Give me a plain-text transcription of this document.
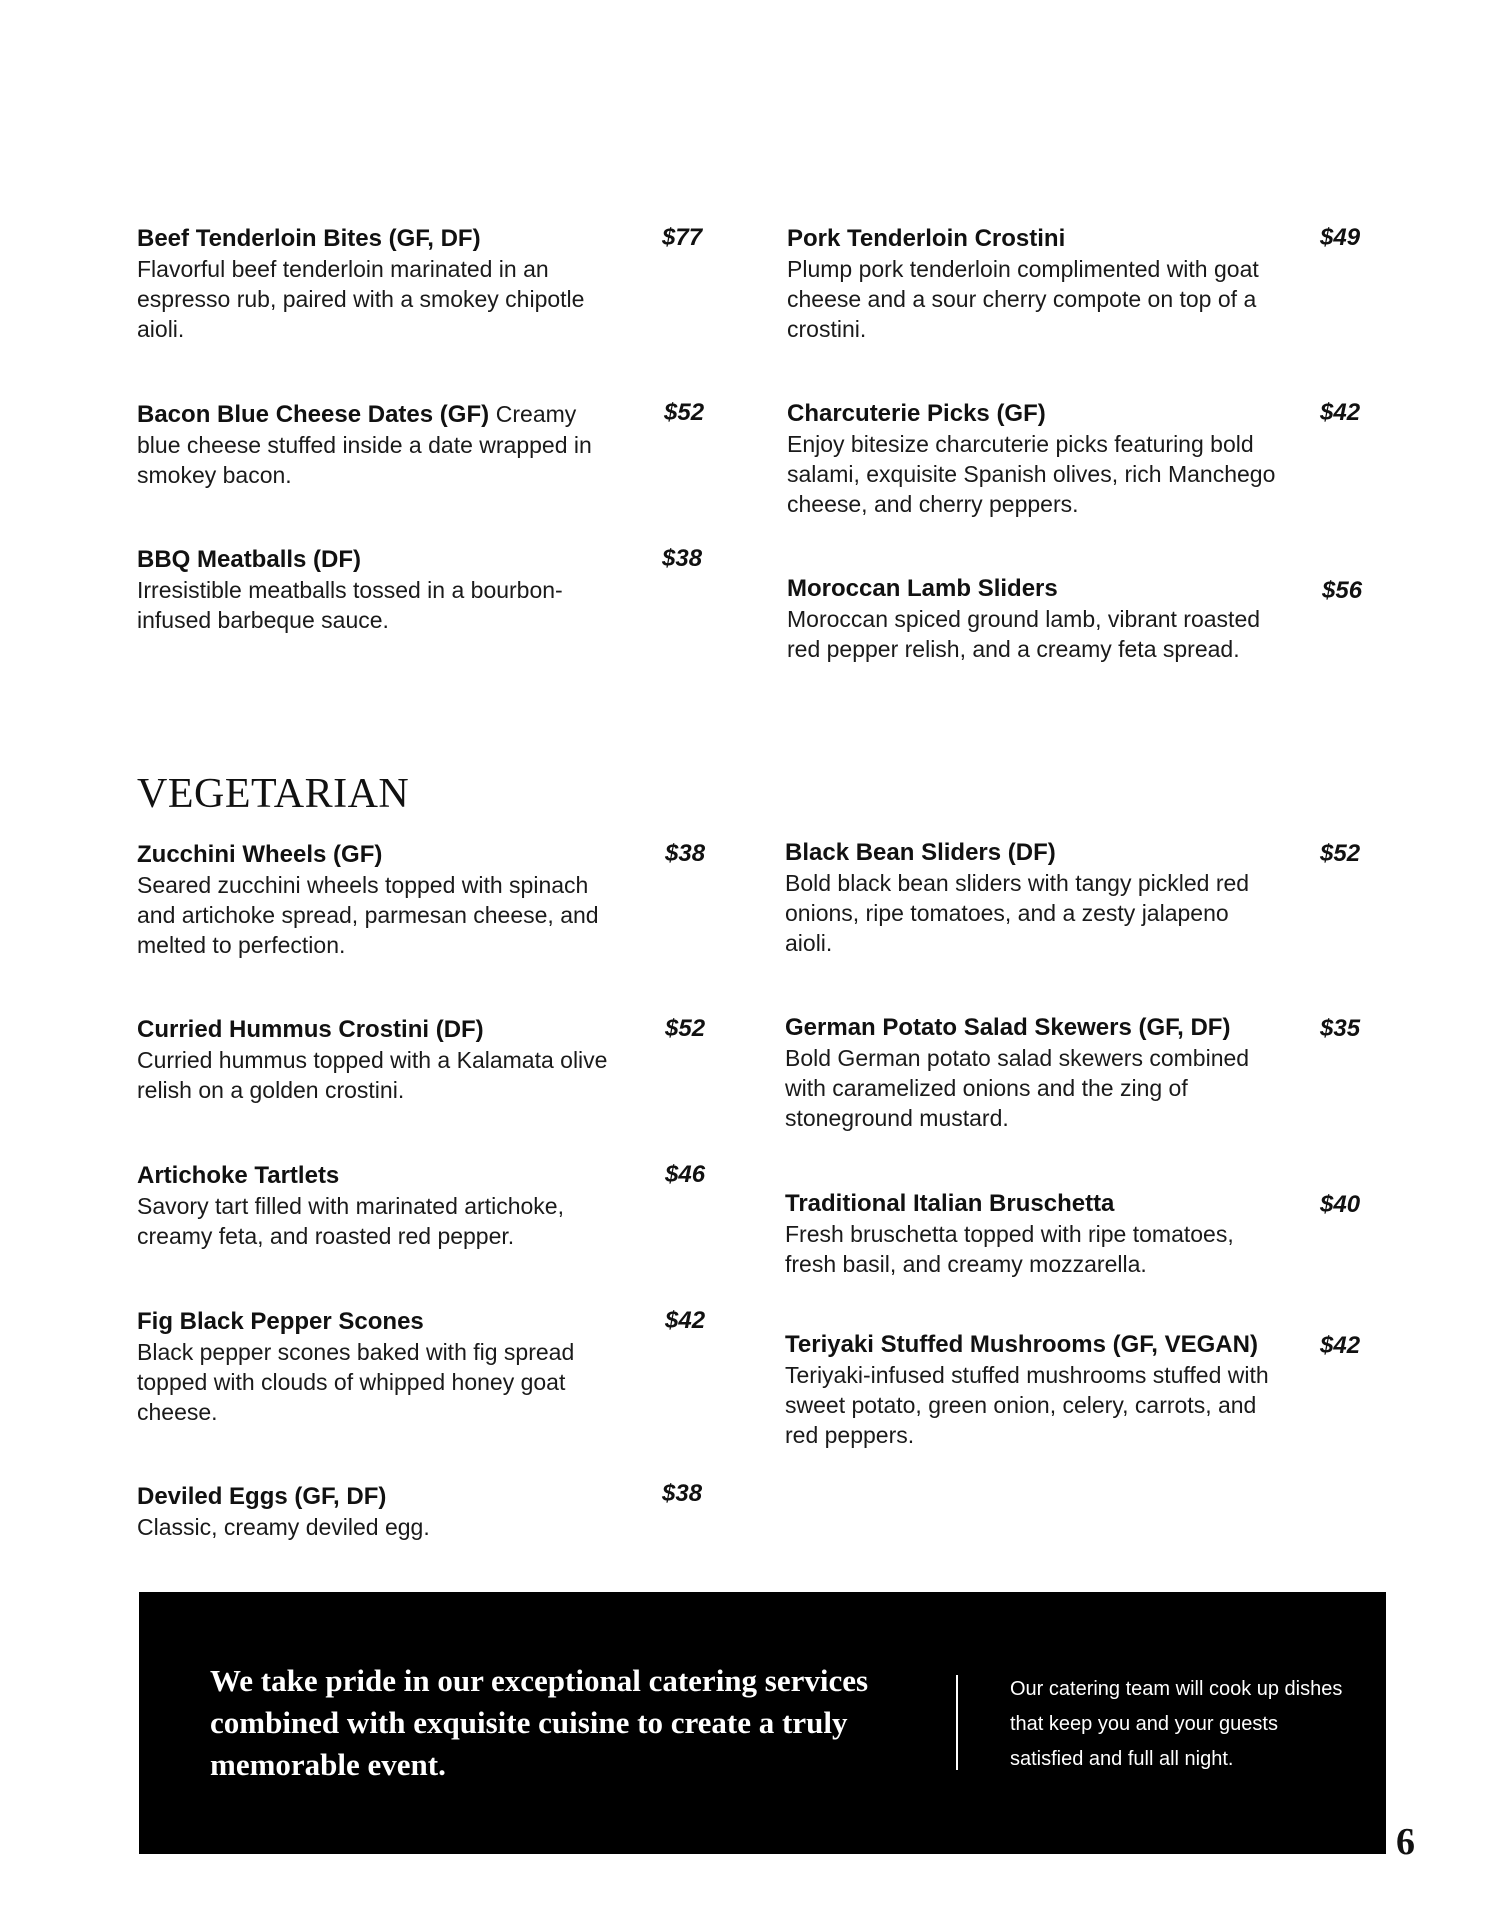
Beef Tenderloin Bites (GF, DF)
Flavorful beef tenderloin marinated in an espresso rub, paired with a smokey chipotle aioli.
$77
Bacon Blue Cheese Dates (GF) Creamy blue cheese stuffed inside a date wrapped in smokey bacon.
$52
BBQ Meatballs (DF)
Irresistible meatballs tossed in a bourbon-infused barbeque sauce.
$38
Pork Tenderloin Crostini
Plump pork tenderloin complimented with goat cheese and a sour cherry compote on top of a crostini.
$49
Charcuterie Picks (GF)
Enjoy bitesize charcuterie picks featuring bold salami, exquisite Spanish olives, rich Manchego cheese, and cherry peppers.
$42
Moroccan Lamb Sliders
Moroccan spiced ground lamb, vibrant roasted red pepper relish, and a creamy feta spread.
$56
VEGETARIAN
Zucchini Wheels (GF)
Seared zucchini wheels topped with spinach and artichoke spread, parmesan cheese, and melted to perfection.
$38
Curried Hummus Crostini (DF)
Curried hummus topped with a Kalamata olive relish on a golden crostini.
$52
Artichoke Tartlets
Savory tart filled with marinated artichoke, creamy feta, and roasted red pepper.
$46
Fig Black Pepper Scones
Black pepper scones baked with fig spread topped with clouds of whipped honey goat cheese.
$42
Deviled Eggs (GF, DF)
Classic, creamy deviled egg.
$38
Black Bean Sliders (DF)
Bold black bean sliders with tangy pickled red onions, ripe tomatoes, and a zesty jalapeno aioli.
$52
German Potato Salad Skewers (GF, DF)
Bold German potato salad skewers combined with caramelized onions and the zing of stoneground mustard.
$35
Traditional Italian Bruschetta
Fresh bruschetta topped with ripe tomatoes, fresh basil, and creamy mozzarella.
$40
Teriyaki Stuffed Mushrooms (GF, VEGAN)
Teriyaki-infused stuffed mushrooms stuffed with sweet potato, green onion, celery, carrots, and red peppers.
$42
We take pride in our exceptional catering services combined with exquisite cuisine to create a truly memorable event.
Our catering team will cook up dishes that keep you and your guests satisfied and full all night.
6
